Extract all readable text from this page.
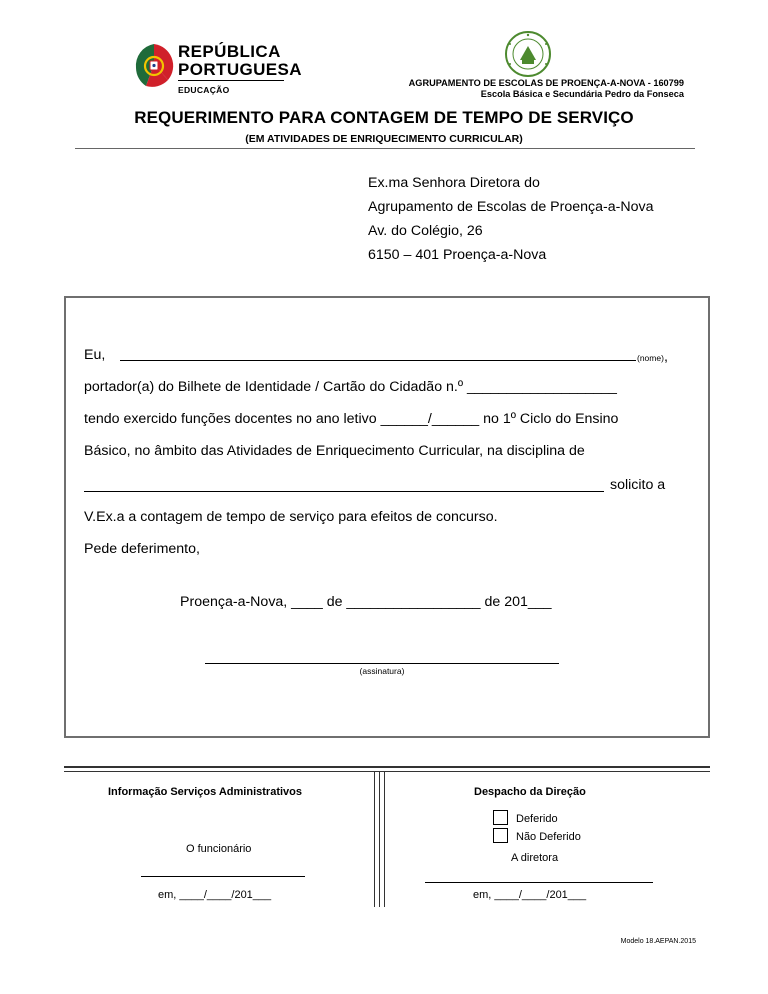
REPÚBLICA
PORTUGUESA
EDUCAÇÃO
AGRUPAMENTO DE ESCOLAS DE PROENÇA-A-NOVA - 160799
Escola Básica e Secundária Pedro da Fonseca
REQUERIMENTO PARA CONTAGEM DE TEMPO DE SERVIÇO
(EM ATIVIDADES DE ENRIQUECIMENTO CURRICULAR)
Ex.ma Senhora Diretora do
Agrupamento de Escolas de Proença-a-Nova
Av. do Colégio, 26
6150 – 401 Proença-a-Nova
Eu,	(nome),
portador(a) do Bilhete de Identidade / Cartão do Cidadão n.º ___________________
tendo exercido funções docentes no ano letivo ______/______ no 1º Ciclo do Ensino
Básico, no âmbito das Atividades de Enriquecimento Curricular, na disciplina de
solicito a
V.Ex.a a contagem de tempo de serviço para efeitos de concurso.
Pede deferimento,
Proença-a-Nova, ____ de _________________ de 201___
(assinatura)
Informação Serviços Administrativos
O funcionário
em, ____/____/201___
Despacho da Direção
Deferido
Não Deferido
A diretora
em, ____/____/201___
Modelo 18.AEPAN.2015
